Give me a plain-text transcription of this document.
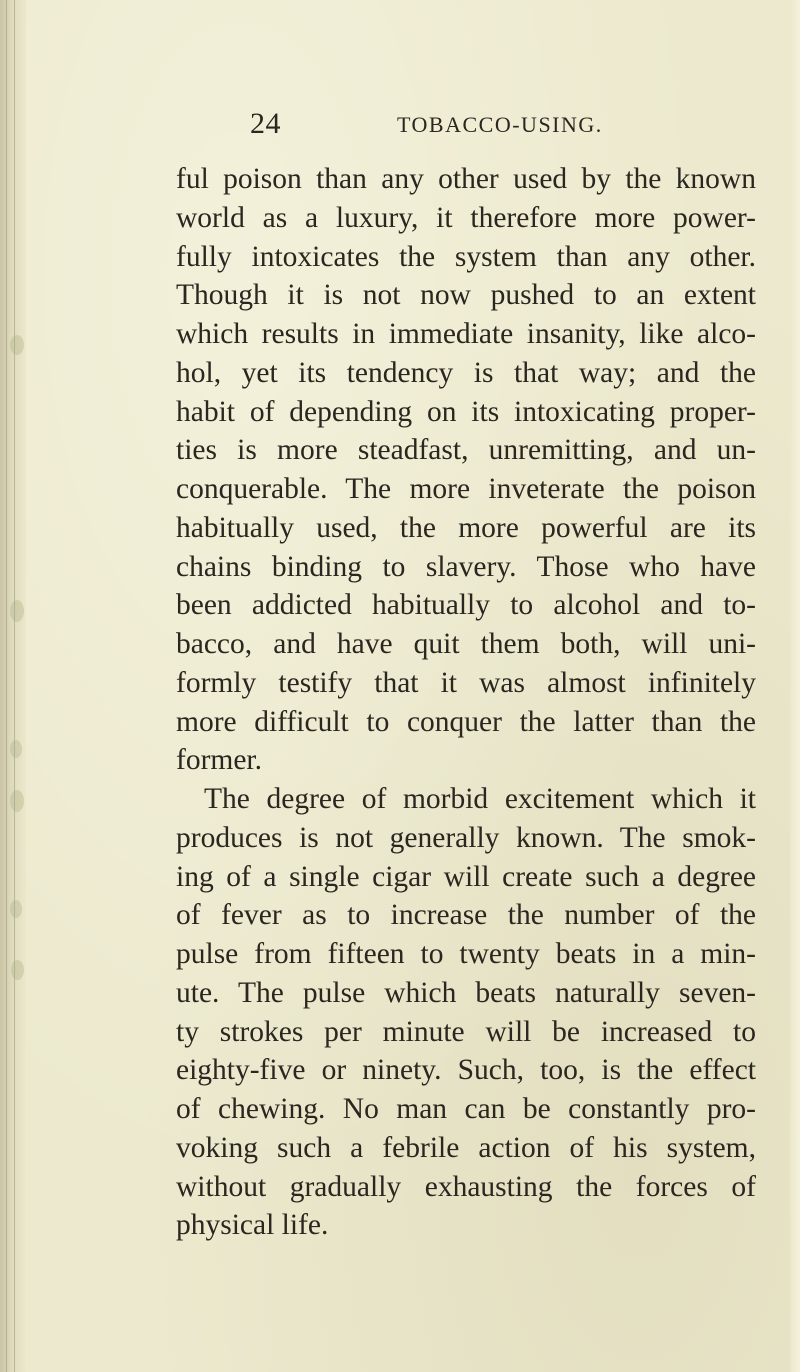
24	TOBACCO-USING.
ful poison than any other used by the known
world as a luxury, it therefore more power-
fully intoxicates the system than any other.
Though it is not now pushed to an extent
which results in immediate insanity, like alco-
hol, yet its tendency is that way; and the
habit of depending on its intoxicating proper-
ties is more steadfast, unremitting, and un-
conquerable. The more inveterate the poison
habitually used, the more powerful are its
chains binding to slavery. Those who have
been addicted habitually to alcohol and to-
bacco, and have quit them both, will uni-
formly testify that it was almost infinitely
more difficult to conquer the latter than the
former.
The degree of morbid excitement which it
produces is not generally known. The smok-
ing of a single cigar will create such a degree
of fever as to increase the number of the
pulse from fifteen to twenty beats in a min-
ute. The pulse which beats naturally seven-
ty strokes per minute will be increased to
eighty-five or ninety. Such, too, is the effect
of chewing. No man can be constantly pro-
voking such a febrile action of his system,
without gradually exhausting the forces of
physical life.
